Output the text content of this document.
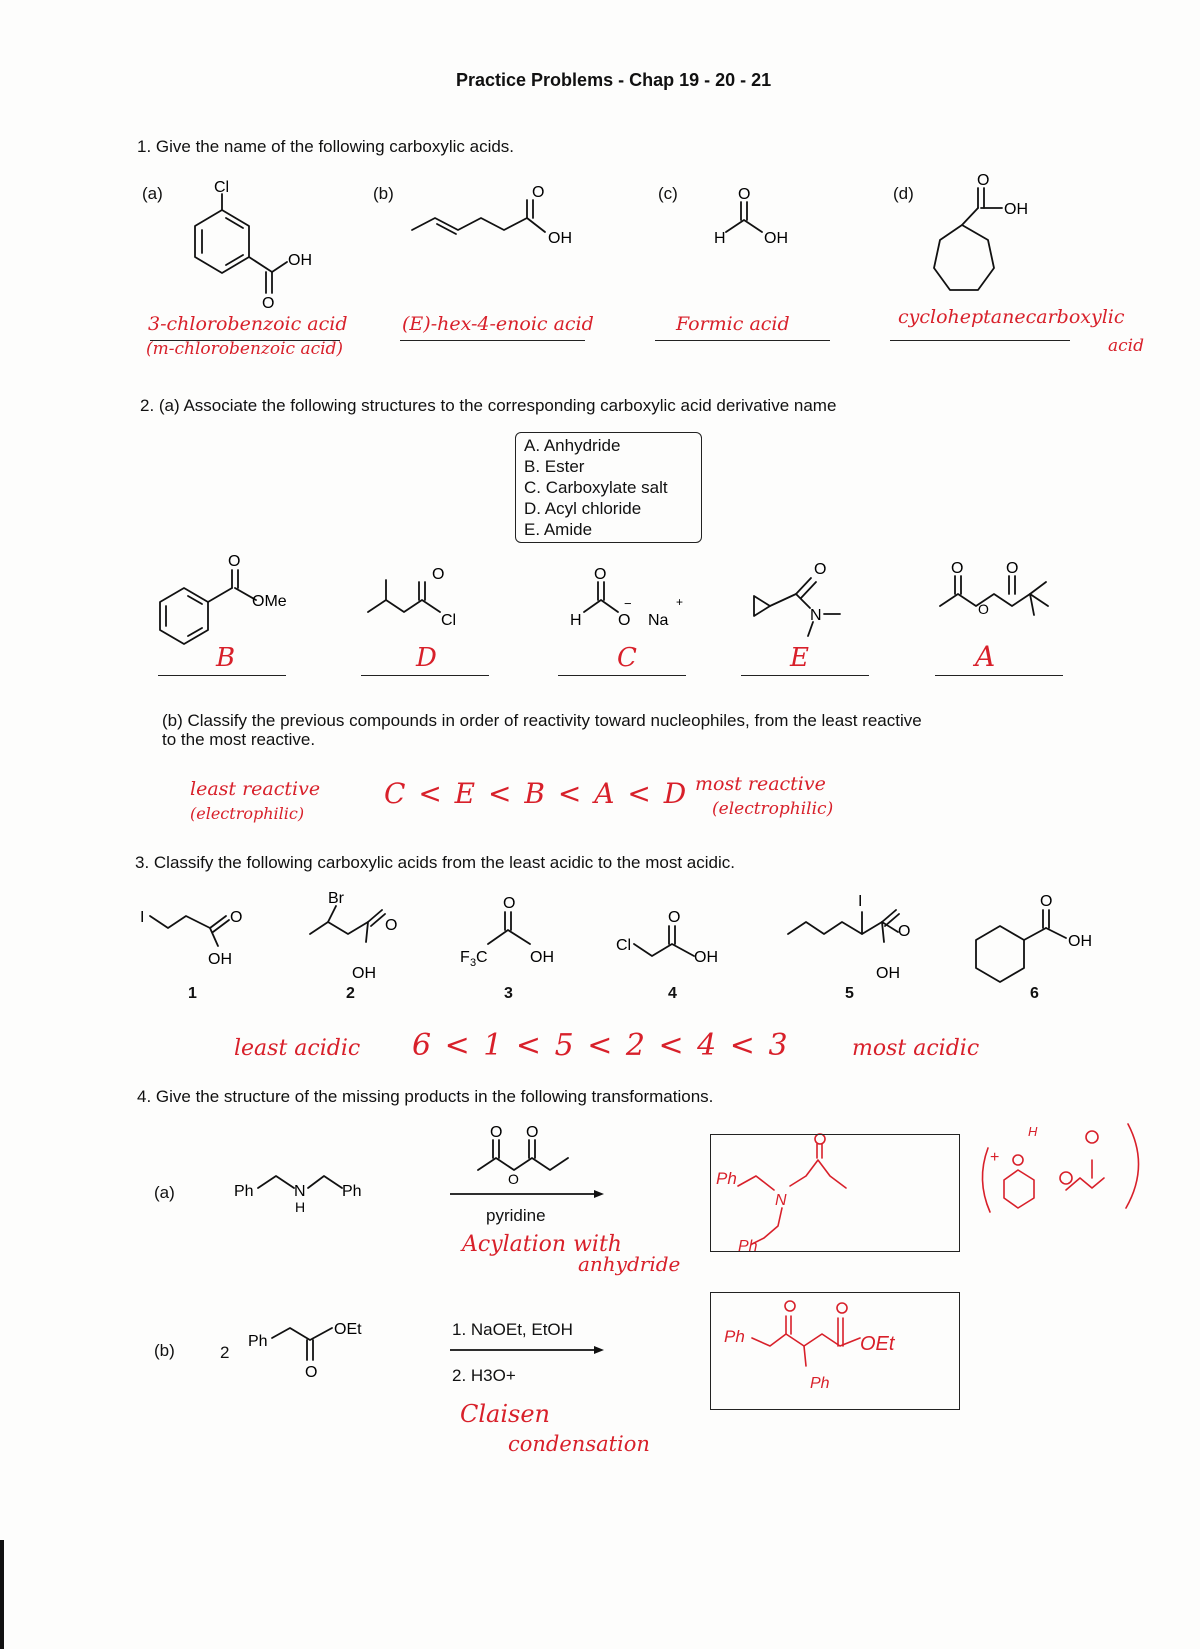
Practice Problems - Chap 19 - 20 - 21
1. Give the name of the following carboxylic acids.
(a)	(b)	(c)	(d)
Cl
OH
O
O
OH
O
H OH
O
OH
3-chlorobenzoic acid
(m-chlorobenzoic acid)
(E)-hex-4-enoic acid	Formic acid	cycloheptanecarboxylic
acid
2. (a) Associate the following structures to the corresponding carboxylic acid derivative name
A. Anhydride
B. Ester
C. Carboxylate salt
D. Acyl chloride
E. Amide
O
OMe
O
Cl
O
H O
−
Na
+
O
N
O	O
O
B	D	C	E	A
(b) Classify the previous compounds in order of reactivity toward nucleophiles, from the least reactive
to the most reactive.
least reactive
(electrophilic)
C < E < B < A < D most reactive
(electrophilic)
3. Classify the following carboxylic acids from the least acidic to the most acidic.
I	O
OH
Br
O
OH
O
F 3 C	OH
O
Cl
OH
I
O
OH
O
OH
1	2	3	4	5	6
least acidic 6 < 1 < 5 < 2 < 4 < 3	most acidic
4. Give the structure of the missing products in the following transformations.
(a)	Ph	Ph
N
H
O O
O	Ph
N
Ph
+
H
pyridine
Acylation with
anhydride
(b)	2
Ph
OEt
O
Ph	OEt
Ph
1. NaOEt, EtOH
2. H3O+
Claisen
condensation
